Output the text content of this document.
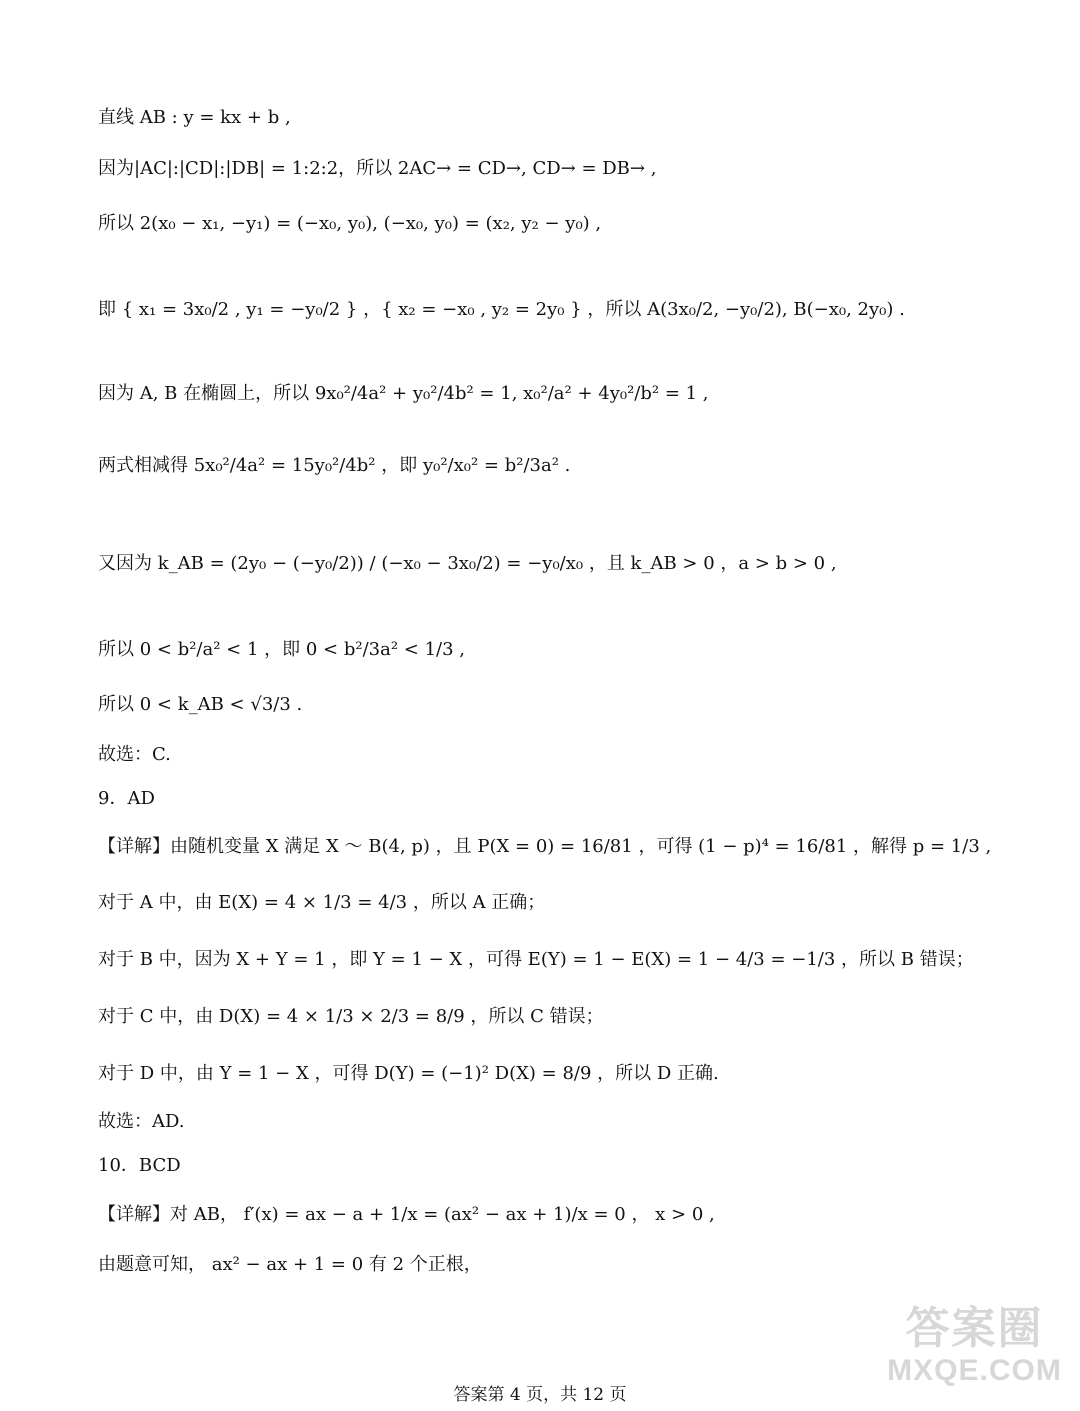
直线 AB : y = kx + b ,
因为|AC|:|CD|:|DB| = 1:2:2，所以 2AC→ = CD→, CD→ = DB→ ,
所以 2(x₀ − x₁, −y₁) = (−x₀, y₀), (−x₀, y₀) = (x₂, y₂ − y₀) ,
即 { x₁ = 3x₀/2 , y₁ = −y₀/2 } ，{ x₂ = −x₀ , y₂ = 2y₀ } ，所以 A(3x₀/2, −y₀/2), B(−x₀, 2y₀) .
因为 A, B 在椭圆上，所以 9x₀²/4a² + y₀²/4b² = 1, x₀²/a² + 4y₀²/b² = 1 ,
两式相减得 5x₀²/4a² = 15y₀²/4b² ，即 y₀²/x₀² = b²/3a² .
又因为 k_AB = (2y₀ − (−y₀/2)) / (−x₀ − 3x₀/2) = −y₀/x₀ ，且 k_AB > 0 ，a > b > 0 ,
所以 0 < b²/a² < 1 ，即 0 < b²/3a² < 1/3 ,
所以 0 < k_AB < √3/3 .
故选：C.
9．AD
【详解】由随机变量 X 满足 X ～ B(4, p) ，且 P(X = 0) = 16/81 ，可得 (1 − p)⁴ = 16/81 ，解得 p = 1/3 ,
对于 A 中，由 E(X) = 4 × 1/3 = 4/3 ，所以 A 正确；
对于 B 中，因为 X + Y = 1 ，即 Y = 1 − X ，可得 E(Y) = 1 − E(X) = 1 − 4/3 = −1/3 ，所以 B 错误；
对于 C 中，由 D(X) = 4 × 1/3 × 2/3 = 8/9 ，所以 C 错误；
对于 D 中，由 Y = 1 − X ，可得 D(Y) = (−1)² D(X) = 8/9 ，所以 D 正确.
故选：AD.
10．BCD
【详解】对 AB， f′(x) = ax − a + 1/x = (ax² − ax + 1)/x = 0 ， x > 0 ,
由题意可知， ax² − ax + 1 = 0 有 2 个正根，
答案第 4 页，共 12 页
答案圈
MXQE.COM
